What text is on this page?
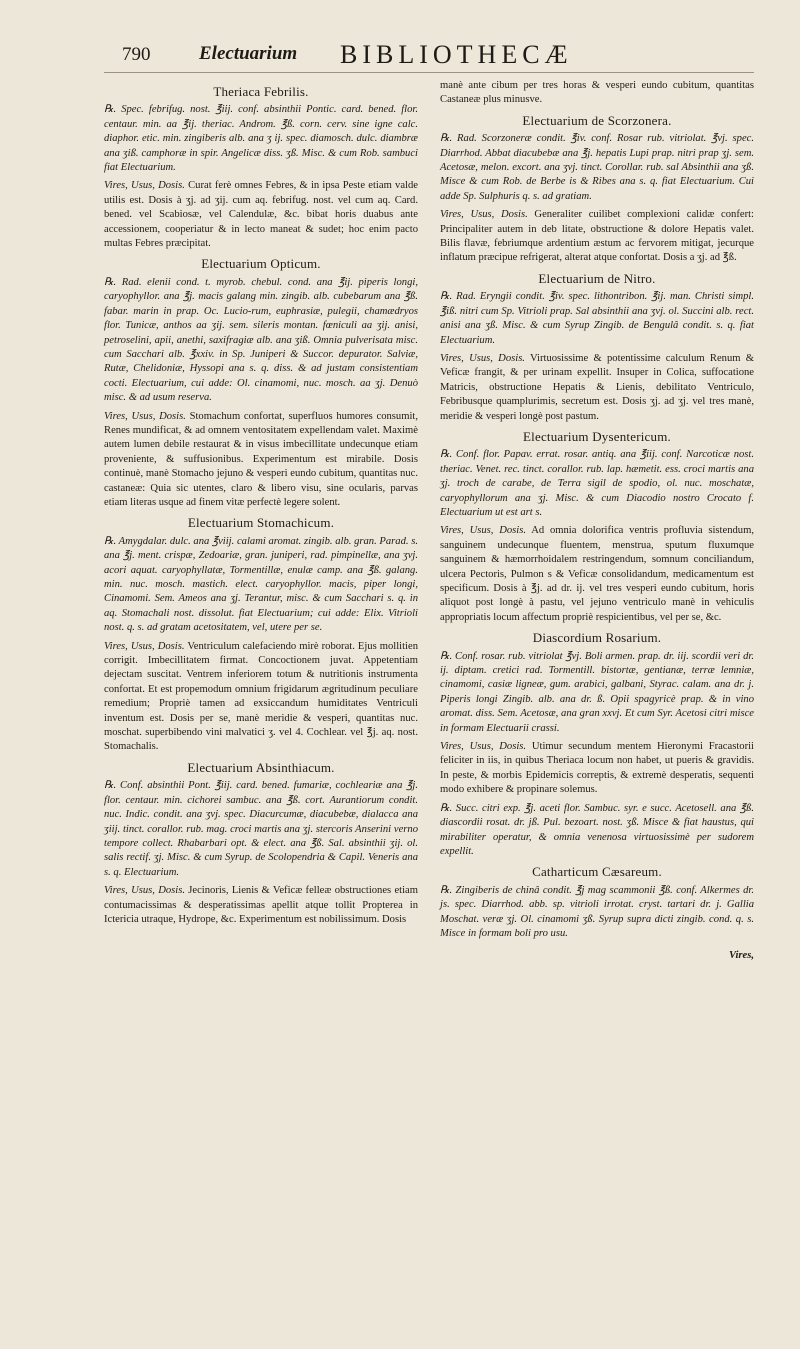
790	Electuarium BIBLIOTHECÆ
Theriaca Febrilis.

℞. Spec. febrifug. nost. ℥iij. conf. absinthii Pontic. card. bened. flor. centaur. min. aa ℥ij. theriac. Androm. ℥ß. corn. cerv. sine igne calc. diaphor. etic. min. zingiberis alb. ana ʒ ij. spec. diamosch. dulc. diambræ ana ʒiß. camphoræ in spir. Angelicæ diss. ʒß. Misc. & cum Rob. sambuci fiat Electuarium.

Vires, Usus, Dosis. Curat ferè omnes Febres, & in ipsa Peste etiam valde utilis est. Dosis à ʒj. ad ʒij. cum aq. febrifug. nost. vel cum aq. Card. bened. vel Scabiosæ, vel Calendulæ, &c. bibat horis duabus ante accessionem, cooperiatur & in lecto maneat & sudet; hoc enim pacto multas Febres præcipitat.

Electuarium Opticum.

℞. Rad. elenii cond. t. myrob. chebul. cond. ana ℥ij. piperis longi, caryophyllor. ana ℥j. macis galang min. zingib. alb. cubebarum ana ℥ß. fabar. marin in prap. Oc. Lucio-rum, euphrasiæ, pulegii, chamædryos flor. Tunicæ, anthos aa ʒij. sem. sileris montan. fœniculi aa ʒij. anisi, petroselini, apii, anethi, saxifragiæ alb. ana ʒiß. Omnia pulverisata misc. cum Sacchari alb. ℥xxiv. in Sp. Juniperi & Succor. depurator. Salviæ, Rutæ, Chelidoniæ, Hyssopi ana s. q. diss. & ad justam consistentiam cocti. Electuarium, cui adde: Ol. cinamomi, nuc. mosch. aa ʒj. Denuò misc. & ad usum reserva.

Vires, Usus, Dosis. Stomachum confortat, superfluos humores consumit, Renes mundificat, & ad omnem ventositatem expellendam valet. Maximè autem lumen debile restaurat & in visus imbecillitate undecunque etiam proveniente, & suffusionibus. Experimentum est mirabile. Dosis continuè, manè Stomacho jejuno & vesperi eundo cubitum, quantitas nuc. castaneæ: Quia sic utentes, claro & libero visu, sine ocularis, parvas etiam literas usque ad finem vitæ perfectè legere solent.

Electuarium Stomachicum.

℞. Amygdalar. dulc. ana ℥viij. calami aromat. zingib. alb. gran. Parad. s. ana ℥j. ment. crispæ, Zedoariæ, gran. juniperi, rad. pimpinellæ, ana ʒvj. acori aquat. caryophyllatæ, Tormentillæ, enulæ camp. ana ℥ß. galang. min. nuc. mosch. mastich. elect. caryophyllor. macis, piper longi, Cinamomi. Sem. Ameos ana ʒj. Terantur, misc. & cum Sacchari s. q. in aq. Stomachali nost. dissolut. fiat Electuarium; cui adde: Elix. Vitrioli nost. q. s. ad gratam acetositatem, vel, utere per se.

Vires, Usus, Dosis. Ventriculum calefaciendo mirè roborat. Ejus mollitien corrigit. Imbecillitatem firmat. Concoctionem juvat. Appetentiam dejectam suscitat. Ventrem inferiorem totum & nutritionis instrumenta confortat. Et est propemodum omnium frigidarum ægritudinum peculiare remedium; Propriè tamen ad exsiccandum humiditates Ventriculi inventum est. Dosis per se, manè meridie & vesperi, quantitas nuc. moschat. superbibendo vini malvatici ʒ. vel 4. Cochlear. vel ℥j. aq. nost. Stomachalis.

Electuarium Absinthiacum.

℞. Conf. absinthii Pont. ℥iij. card. bened. fumariæ, cochleariæ ana ℥j. flor. centaur. min. cichorei sambuc. ana ℥ß. cort. Aurantiorum condit. nuc. Indic. condit. ana ʒvj. spec. Diacurcumæ, diacubebæ, dialacca ana ʒiij. tinct. corallor. rub. mag. croci martis ana ʒj. stercoris Anserini verno tempore collect. Rhabarbari opt. & elect. ana ℥ß. Sal. absinthii ʒij. ol. salis rectif. ʒj. Misc. & cum Syrup. de Scolopendria & Capil. Veneris ana s. q. Electuarium.

Vires, Usus, Dosis. Jecinoris, Lienis & Veficæ felleæ obstructiones etiam contumacissimas & desperatissimas apellit atque tollit Propterea in Ictericia utraque, Hydrope, &c. Experimentum est nobilissimum. Dosis

manè ante cibum per tres horas & vesperi eundo cubitum, quantitas Castaneæ plus minusve.

Electuarium de Scorzonera.

℞. Rad. Scorzoneræ condit. ℥iv. conf. Rosar rub. vitriolat. ℥vj. spec. Diarrhod. Abbat diacubebæ ana ℥j. hepatis Lupi prap. nitri prap ʒj. sem. Acetosæ, melon. excort. ana ʒvj. tinct. Corollar. rub. sal Absinthii ana ʒß. Misce & cum Rob. de Berbe is & Ribes ana s. q. fiat Electuarium. Cui adde Sp. Sulphuris q. s. ad gratiam.

Vires, Usus, Dosis. Generaliter cuilibet complexioni calidæ confert: Principaliter autem in deb litate, obstructione & dolore Hepatis valet. Bilis flavæ, febriumque ardentium æstum ac fervorem mitigat, jecurque inflatum præcipue refrigerat, alterat atque confortat. Dosis a ʒj. ad ℥ß.

Electuarium de Nitro.

℞. Rad. Eryngii condit. ℥iv. spec. lithontribon. ℥ij. man. Christi simpl. ℥iß. nitri cum Sp. Vitrioli prap. Sal absinthii ana ʒvj. ol. Succini alb. rect. anisi ana ʒß. Misc. & cum Syrup Zingib. de Bengulâ condit. s. q. fiat Electuarium.

Vires, Usus, Dosis. Virtuosissime & potentissime calculum Renum & Veficæ frangit, & per urinam expellit. Insuper in Colica, suffocatione Matricis, obstructione Hepatis & Lienis, debilitato Ventriculo, Febribusque quamplurimis, secretum est. Dosis ʒj. ad ʒj. vel tres manè, meridie & vesperi longè post pastum.

Electuarium Dysentericum.

℞. Conf. flor. Papav. errat. rosar. antiq. ana ℥iij. conf. Narcoticæ nost. theriac. Venet. rec. tinct. corallor. rub. lap. hæmetit. ess. croci martis ana ʒj. troch de carabe, de Terra sigil de spodio, ol. nuc. moschatæ, caryophyllorum ana ʒj. Misc. & cum Diacodio nostro Crocato f. Electuarium ut est art s.

Vires, Usus, Dosis. Ad omnia dolorifica ventris profluvia sistendum, sanguinem undecunque fluentem, menstrua, sputum fluxumque sanguinem & hæmorrhoidalem restringendum, somnum conciliandum, ulcera Pectoris, Pulmon s & Veficæ consolidandum, medicamentum est specificum. Dosis à ℥j. ad dr. ij. vel tres vesperi eundo cubitum, horis aliquot post longè à pastu, vel jejuno ventriculo manè in vehiculis appropriatis locum affectum propriè respicientibus, vel per se, &c.

Diascordium Rosarium.

℞. Conf. rosar. rub. vitriolat ℥vj. Boli armen. prap. dr. iij. scordii veri dr. ij. diptam. cretici rad. Tormentill. bistortæ, gentianæ, terræ lemniæ, cinamomi, casiæ ligneæ, gum. arabici, galbani, Styrac. calam. ana dr. j. Piperis longi Zingib. alb. ana dr. ß. Opii spagyricè prap. & in vino aromat. diss. Sem. Acetosæ, ana gran xxvj. Et cum Syr. Acetosi citri misce in formam Electuarii crassi.

Vires, Usus, Dosis. Utimur secundum mentem Hieronymi Fracastorii feliciter in iis, in quibus Theriaca locum non habet, ut pueris & gravidis. In peste, & morbis Epidemicis correptis, & extremè desperatis, sequenti modo exhibere & propinare solemus.

℞. Succ. citri exp. ℥j. aceti flor. Sambuc. syr. e succ. Acetosell. ana ℥ß. diascordii rosat. dr. jß. Pul. bezoart. nost. ʒß. Misce & fiat haustus, qui mirabiliter operatur, & omnia venenosa virtuosissimè per sudorem expellit.

Catharticum Cæsareum.

℞. Zingiberis de chinâ condit. ℥j mag scammonii ℥ß. conf. Alkermes dr. js. spec. Diarrhod. abb. sp. vitrioli irrotat. cryst. tartari dr. j. Gallia Moschat. veræ ʒj. Ol. cinamomi ʒß. Syrup supra dicti zingib. cond. q. s. Misce in formam boli pro usu.

Vires,
